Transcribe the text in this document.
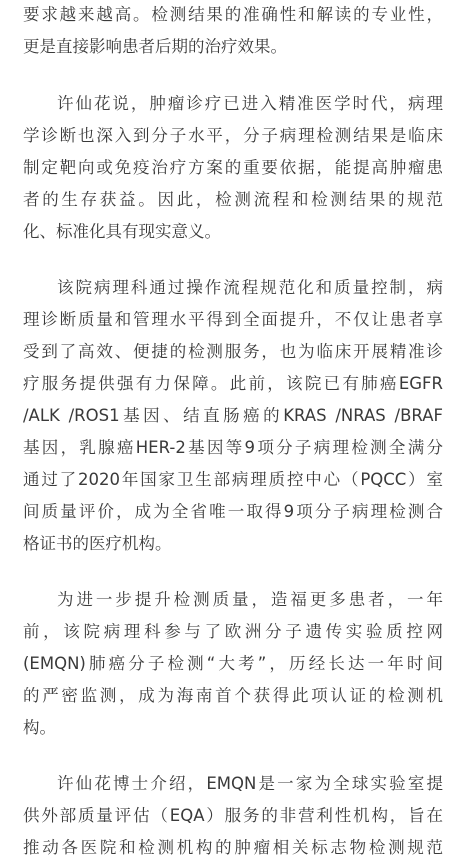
要求越来越高。检测结果的准确性和解读的专业性，
更是直接影响患者后期的治疗效果。

许仙花说，肿瘤诊疗已进入精准医学时代，病理
学诊断也深入到分子水平，分子病理检测结果是临床
制定靶向或免疫治疗方案的重要依据，能提高肿瘤患
者的生存获益。因此，检测流程和检测结果的规范
化、标准化具有现实意义。

该院病理科通过操作流程规范化和质量控制，病
理诊断质量和管理水平得到全面提升，不仅让患者享
受到了高效、便捷的检测服务，也为临床开展精准诊
疗服务提供强有力保障。此前，该院已有肺癌EGFR
/ALK /ROS1基因、结直肠癌的KRAS /NRAS /BRAF
基因，乳腺癌HER-2基因等9项分子病理检测全满分
通过了2020年国家卫生部病理质控中心（PQCC）室
间质量评价，成为全省唯一取得9项分子病理检测合
格证书的医疗机构。

为进一步提升检测质量，造福更多患者，一年
前，该院病理科参与了欧洲分子遗传实验质控网
(EMQN)肺癌分子检测“大考”，历经长达一年时间
的严密监测，成为海南首个获得此项认证的检测机
构。

许仙花博士介绍，EMQN是一家为全球实验室提
供外部质量评估（EQA）服务的非营利性机构，旨在
推动各医院和检测机构的肿瘤相关标志物检测规范
